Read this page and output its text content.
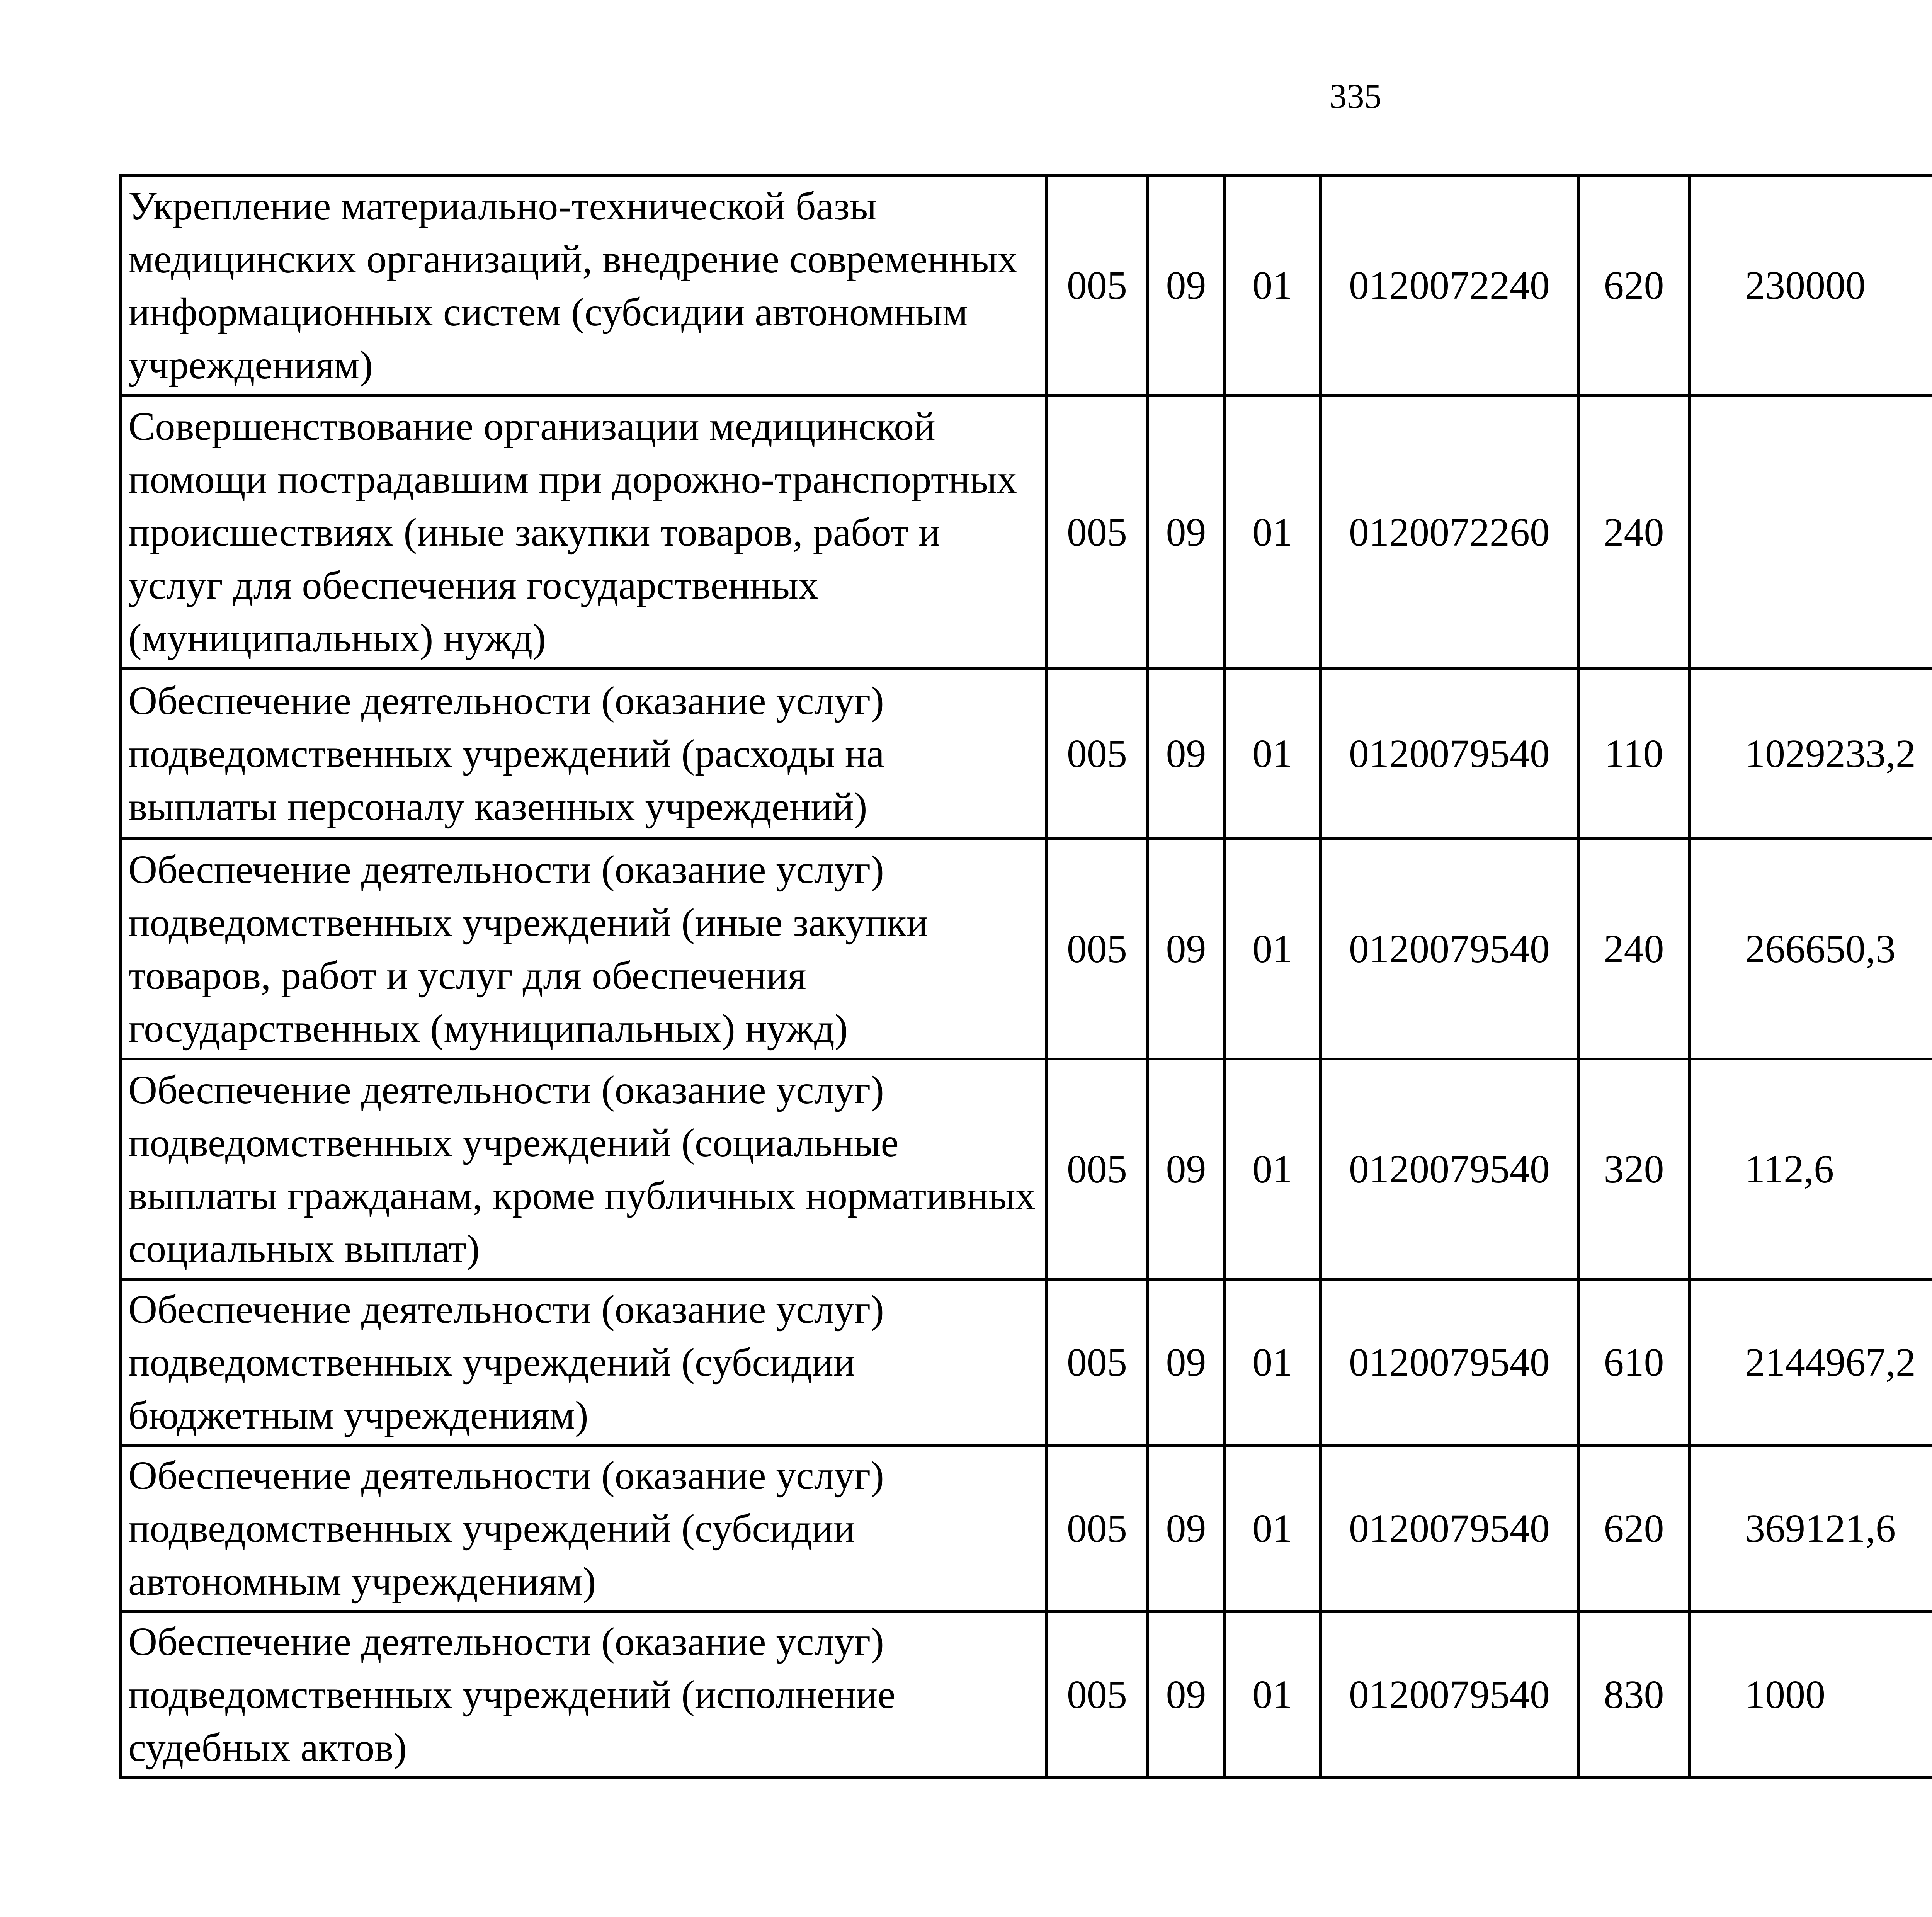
335
Укрепление материально-технической базы медицинских организаций, внедрение современных информационных систем (субсидии автономным учреждениям)	005	09	01	0120072240	620	230000		
Совершенствование организации медицинской помощи пострадавшим при дорожно-транспортных происшествиях (иные закупки товаров, работ и услуг для обеспечения государственных (муниципальных) нужд)	005	09	01	0120072260	240			
Обеспечение деятельности (оказание услуг) подведомственных учреждений (расходы на выплаты персоналу казенных учреждений)	005	09	01	0120079540	110	1029233,2		
Обеспечение деятельности (оказание услуг) подведомственных учреждений (иные закупки товаров, работ и услуг для обеспечения государственных (муниципальных) нужд)	005	09	01	0120079540	240	266650,3		
Обеспечение деятельности (оказание услуг) подведомственных учреждений (социальные выплаты гражданам, кроме публичных нормативных социальных выплат)	005	09	01	0120079540	320	112,6		
Обеспечение деятельности (оказание услуг) подведомственных учреждений (субсидии бюджетным учреждениям)	005	09	01	0120079540	610	2144967,2		
Обеспечение деятельности (оказание услуг) подведомственных учреждений (субсидии автономным учреждениям)	005	09	01	0120079540	620	369121,6		
Обеспечение деятельности (оказание услуг) подведомственных учреждений (исполнение судебных актов)	005	09	01	0120079540	830	1000		
